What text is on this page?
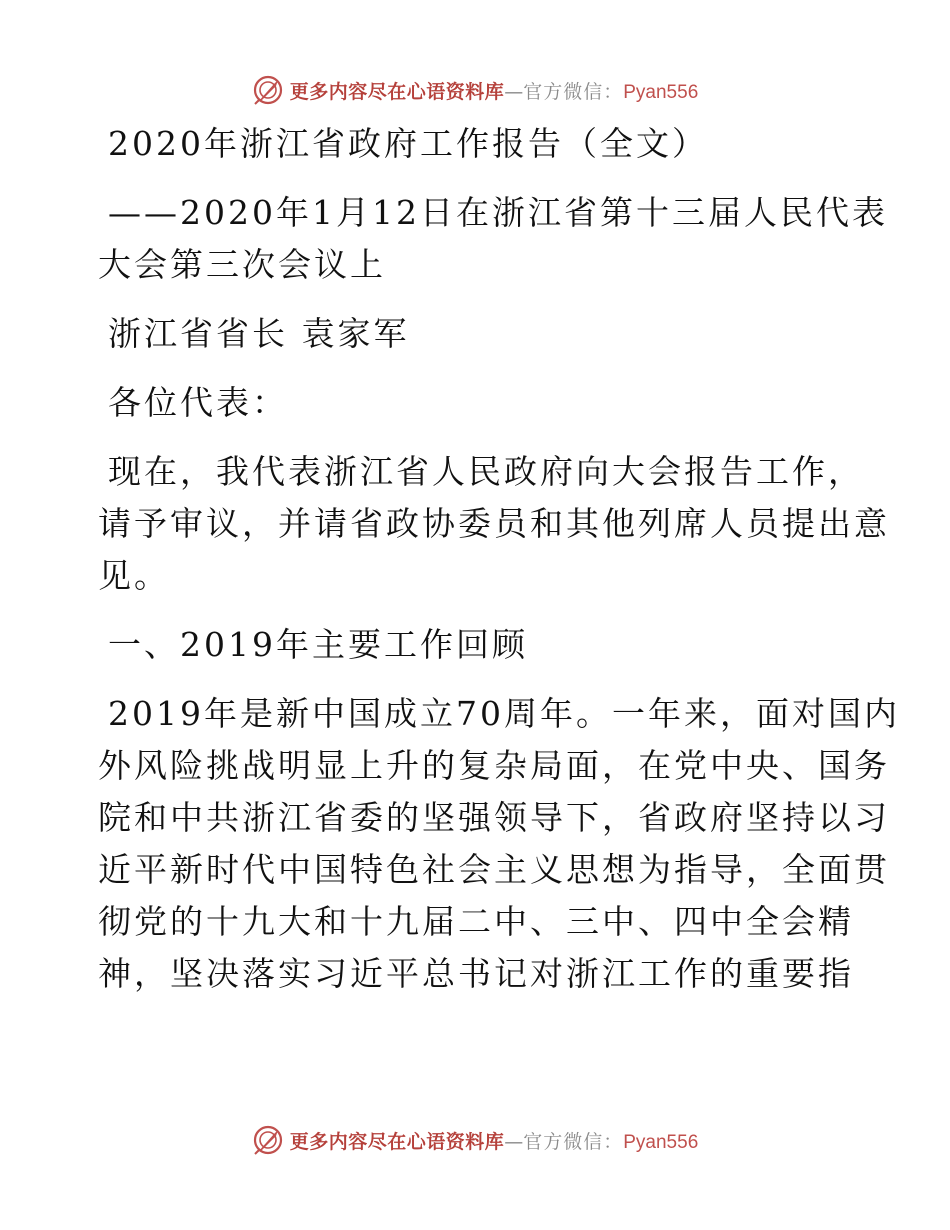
更多内容尽在心语资料库 — 官方微信： Pyan556
2020年浙江省政府工作报告（全文）
——2020年1月12日在浙江省第十三届人民代表
大会第三次会议上
浙江省省长 袁家军
各位代表：
现在，我代表浙江省人民政府向大会报告工作，
请予审议，并请省政协委员和其他列席人员提出意
见。
一、2019年主要工作回顾
2019年是新中国成立70周年。一年来，面对国内
外风险挑战明显上升的复杂局面，在党中央、国务
院和中共浙江省委的坚强领导下，省政府坚持以习
近平新时代中国特色社会主义思想为指导，全面贯
彻党的十九大和十九届二中、三中、四中全会精
神，坚决落实习近平总书记对浙江工作的重要指
更多内容尽在心语资料库 — 官方微信： Pyan556
